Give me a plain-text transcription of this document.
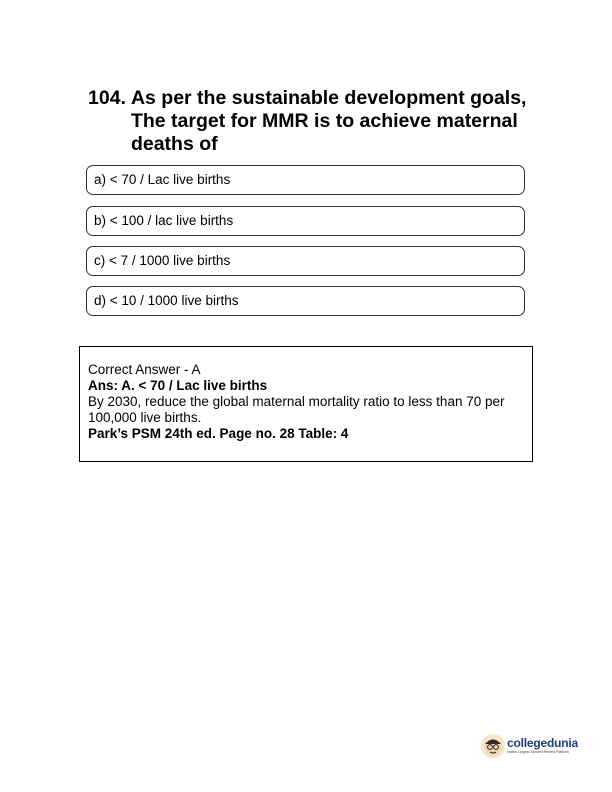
104. As per the sustainable development goals, The target for MMR is to achieve maternal deaths of
a) < 70 / Lac live births
b) < 100 / lac live births
c) < 7 / 1000 live births
d) < 10 / 1000 live births
Correct Answer - A
Ans: A. < 70 / Lac live births
By 2030, reduce the global maternal mortality ratio to less than 70 per 100,000 live births.
Park’s PSM 24th ed. Page no. 28 Table: 4
collegedunia
India's Largest Student Review Platform
